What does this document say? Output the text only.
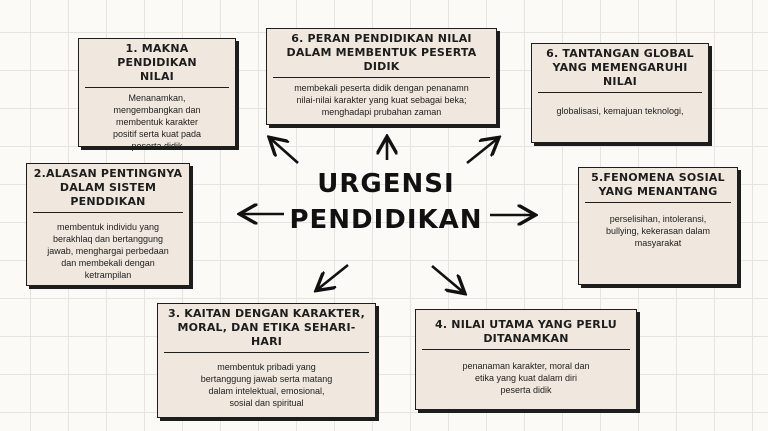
URGENSI
PENDIDIKAN
1. MAKNA PENDIDIKAN
NILAI
Menanamkan,
mengembangkan dan
membentuk karakter
positif serta kuat pada
peserta didik
6. PERAN PENDIDIKAN NILAI
DALAM MEMBENTUK PESERTA
DIDIK
membekali peserta didik dengan penanamn
nilai-nilai karakter yang kuat sebagai beka;
menghadapi prubahan zaman
6. TANTANGAN GLOBAL
YANG MEMENGARUHI NILAI
globalisasi, kemajuan teknologi,
2.ALASAN PENTINGNYA
DALAM SISTEM PENDDIKAN
membentuk individu yang
berakhlaq dan bertanggung
jawab, menghargai perbedaan
dan membekali dengan
ketrampilan
5.FENOMENA SOSIAL
YANG MENANTANG
perselisihan, intoleransi,
bullying, kekerasan dalam
masyarakat
3. KAITAN DENGAN KARAKTER,
MORAL, DAN ETIKA SEHARI-HARI
membentuk pribadi yang
bertanggung jawab serta matang
dalam intelektual, emosional,
sosial dan spiritual
4. NILAI UTAMA YANG PERLU
DITANAMKAN
penanaman karakter, moral dan
etika yang kuat dalam diri
peserta didik
